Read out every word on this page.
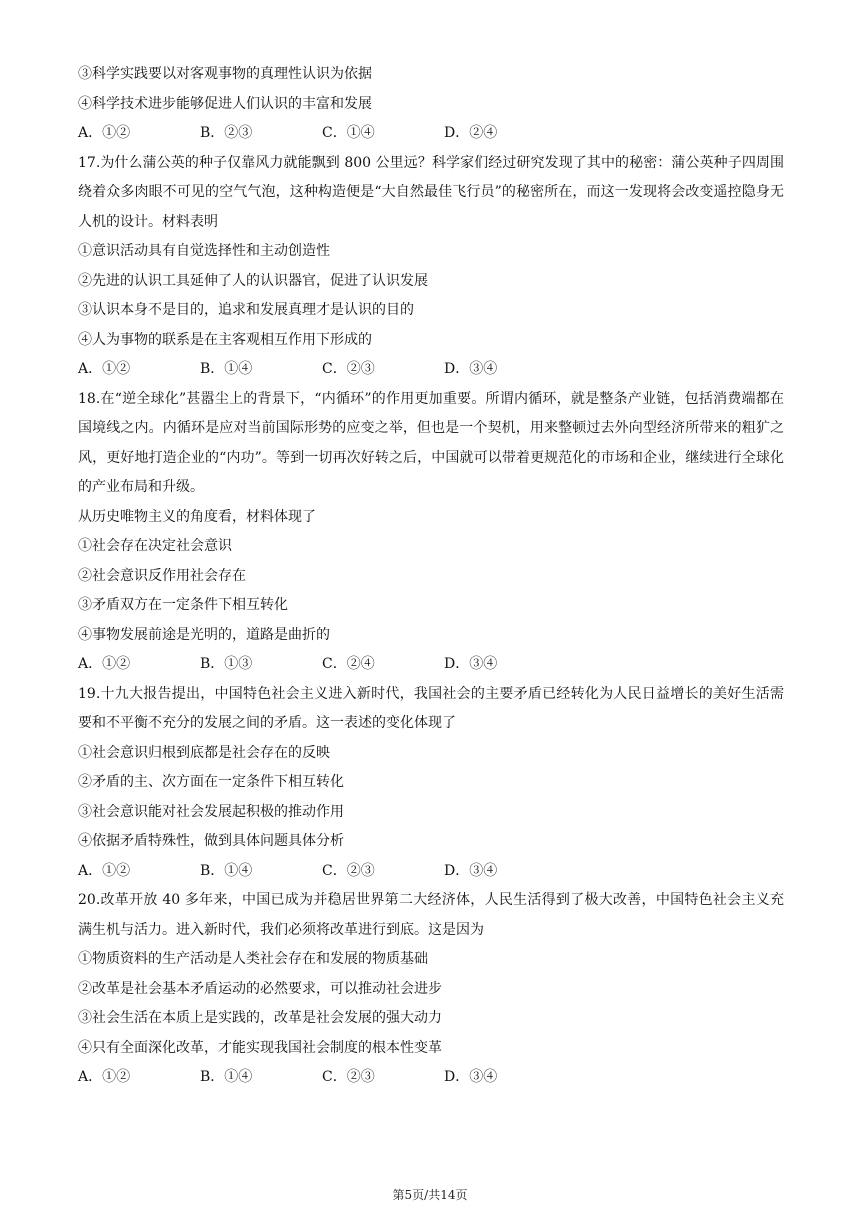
③科学实践要以对客观事物的真理性认识为依据
④科学技术进步能够促进人们认识的丰富和发展
A．①②	B．②③	C．①④	D．②④
17.为什么蒲公英的种子仅靠风力就能飘到 800 公里远？科学家们经过研究发现了其中的秘密：蒲公英种子四周围绕着众多肉眼不可见的空气气泡，这种构造便是“大自然最佳飞行员”的秘密所在，而这一发现将会改变遥控隐身无人机的设计。材料表明
①意识活动具有自觉选择性和主动创造性
②先进的认识工具延伸了人的认识器官，促进了认识发展
③认识本身不是目的，追求和发展真理才是认识的目的
④人为事物的联系是在主客观相互作用下形成的
A．①②	B．①④	C．②③	D．③④
18.在“逆全球化”甚嚣尘上的背景下，“内循环”的作用更加重要。所谓内循环，就是整条产业链，包括消费端都在国境线之内。内循环是应对当前国际形势的应变之举，但也是一个契机，用来整顿过去外向型经济所带来的粗犷之风，更好地打造企业的“内功”。等到一切再次好转之后，中国就可以带着更规范化的市场和企业，继续进行全球化的产业布局和升级。
从历史唯物主义的角度看，材料体现了
①社会存在决定社会意识
②社会意识反作用社会存在
③矛盾双方在一定条件下相互转化
④事物发展前途是光明的，道路是曲折的
A．①②	B．①③	C．②④	D．③④
19.十九大报告提出，中国特色社会主义进入新时代，我国社会的主要矛盾已经转化为人民日益增长的美好生活需要和不平衡不充分的发展之间的矛盾。这一表述的变化体现了
①社会意识归根到底都是社会存在的反映
②矛盾的主、次方面在一定条件下相互转化
③社会意识能对社会发展起积极的推动作用
④依据矛盾特殊性，做到具体问题具体分析
A．①②	B．①④	C．②③	D．③④
20.改革开放 40 多年来，中国已成为并稳居世界第二大经济体，人民生活得到了极大改善，中国特色社会主义充满生机与活力。进入新时代，我们必须将改革进行到底。这是因为
①物质资料的生产活动是人类社会存在和发展的物质基础
②改革是社会基本矛盾运动的必然要求，可以推动社会进步
③社会生活在本质上是实践的，改革是社会发展的强大动力
④只有全面深化改革，才能实现我国社会制度的根本性变革
A．①②	B．①④	C．②③	D．③④
第5页/共14页
